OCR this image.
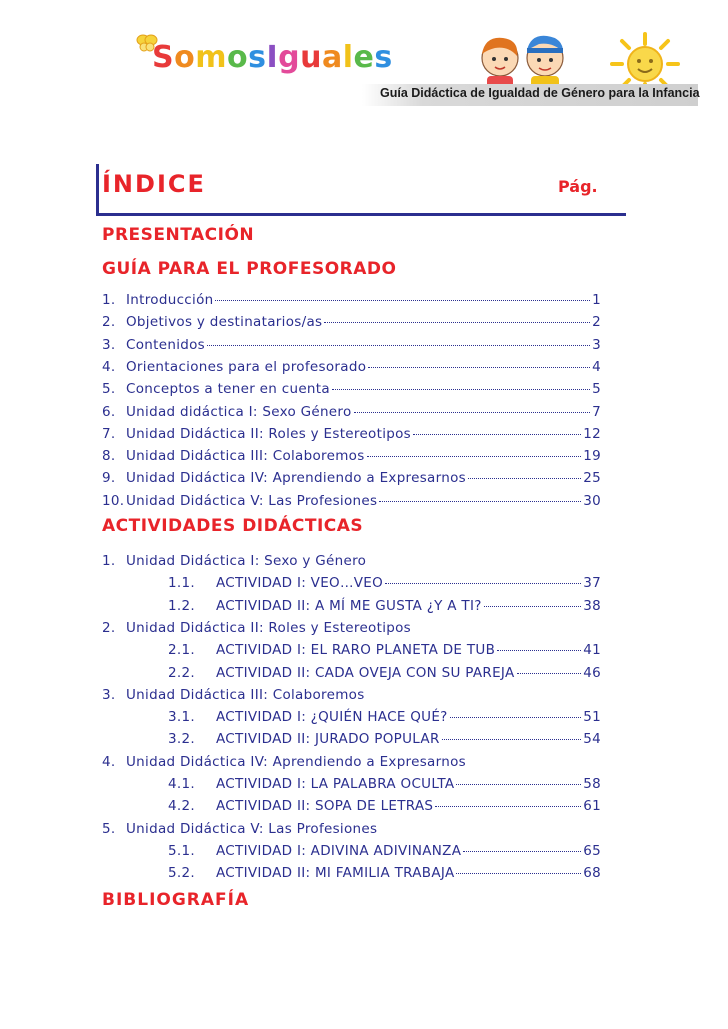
SomosIguales
Guía Didáctica de Igualdad de Género para la Infancia
ÍNDICE	Pág.
PRESENTACIÓN
GUÍA PARA EL PROFESORADO
1. Introducción	1
2. Objetivos y destinatarios/as	2
3. Contenidos	3
4. Orientaciones para el profesorado	4
5. Conceptos a tener en cuenta	5
6. Unidad didáctica I: Sexo Género	7
7. Unidad Didáctica II: Roles y Estereotipos	12
8. Unidad Didáctica III: Colaboremos	19
9. Unidad Didáctica IV: Aprendiendo a Expresarnos	25
10. Unidad Didáctica V: Las Profesiones	30
ACTIVIDADES DIDÁCTICAS
1. Unidad Didáctica I: Sexo y Género
1.1.	ACTIVIDAD I: VEO…VEO	37
1.2.	ACTIVIDAD II: A MÍ ME GUSTA ¿Y A TI?	38
2. Unidad Didáctica II: Roles y Estereotipos
2.1.	ACTIVIDAD I: EL RARO PLANETA DE TUB	41
2.2.	ACTIVIDAD II: CADA OVEJA CON SU PAREJA	46
3. Unidad Didáctica III: Colaboremos
3.1.	ACTIVIDAD I: ¿QUIÉN HACE QUÉ?	51
3.2.	ACTIVIDAD II: JURADO POPULAR	54
4. Unidad Didáctica IV: Aprendiendo a Expresarnos
4.1.	ACTIVIDAD I: LA PALABRA OCULTA	58
4.2.	ACTIVIDAD II: SOPA DE LETRAS	61
5. Unidad Didáctica V: Las Profesiones
5.1.	ACTIVIDAD I: ADIVINA ADIVINANZA	65
5.2.	ACTIVIDAD II: MI FAMILIA TRABAJA	68
BIBLIOGRAFÍA
